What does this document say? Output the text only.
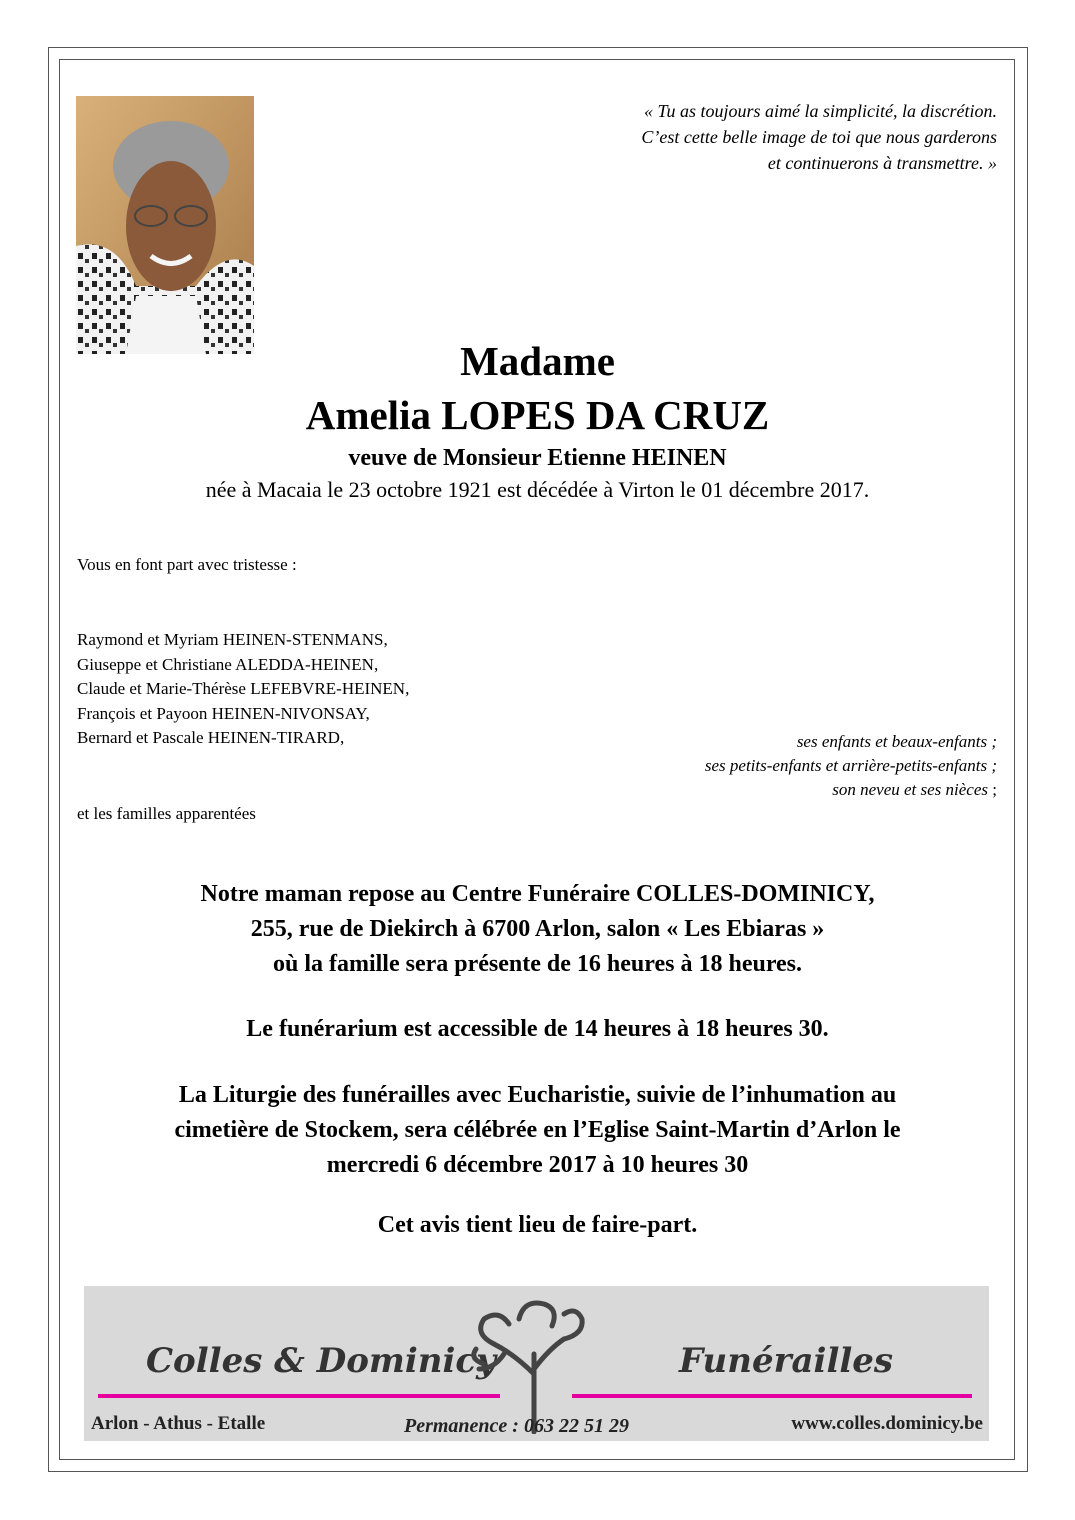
« Tu as toujours aimé la simplicité, la discrétion.
C’est cette belle image de toi que nous garderons
et continuerons à transmettre. »
Madame
Amelia LOPES DA CRUZ
veuve de Monsieur Etienne HEINEN
née à Macaia le 23 octobre 1921 est décédée à Virton le 01 décembre 2017.
Vous en font part avec tristesse :
Raymond et Myriam HEINEN-STENMANS,
Giuseppe et Christiane ALEDDA-HEINEN,
Claude et Marie-Thérèse LEFEBVRE-HEINEN,
François et Payoon HEINEN-NIVONSAY,
Bernard et Pascale HEINEN-TIRARD,	ses enfants et beaux-enfants ;
ses petits-enfants et arrière-petits-enfants ;
son neveu et ses nièces ;
et les familles apparentées
Notre maman repose au Centre Funéraire COLLES-DOMINICY,
255, rue de Diekirch à 6700 Arlon, salon « Les Ebiaras »
où la famille sera présente de 16 heures à 18 heures.
Le funérarium est accessible de 14 heures à 18 heures 30.
La Liturgie des funérailles avec Eucharistie, suivie de l’inhumation au
cimetière de Stockem, sera célébrée en l’Eglise Saint-Martin d’Arlon le
mercredi 6 décembre 2017 à 10 heures 30
Cet avis tient lieu de faire-part.
Colles & Dominicy	Funérailles
Arlon - Athus - Etalle	Permanence : 063 22 51 29	www.colles.dominicy.be
